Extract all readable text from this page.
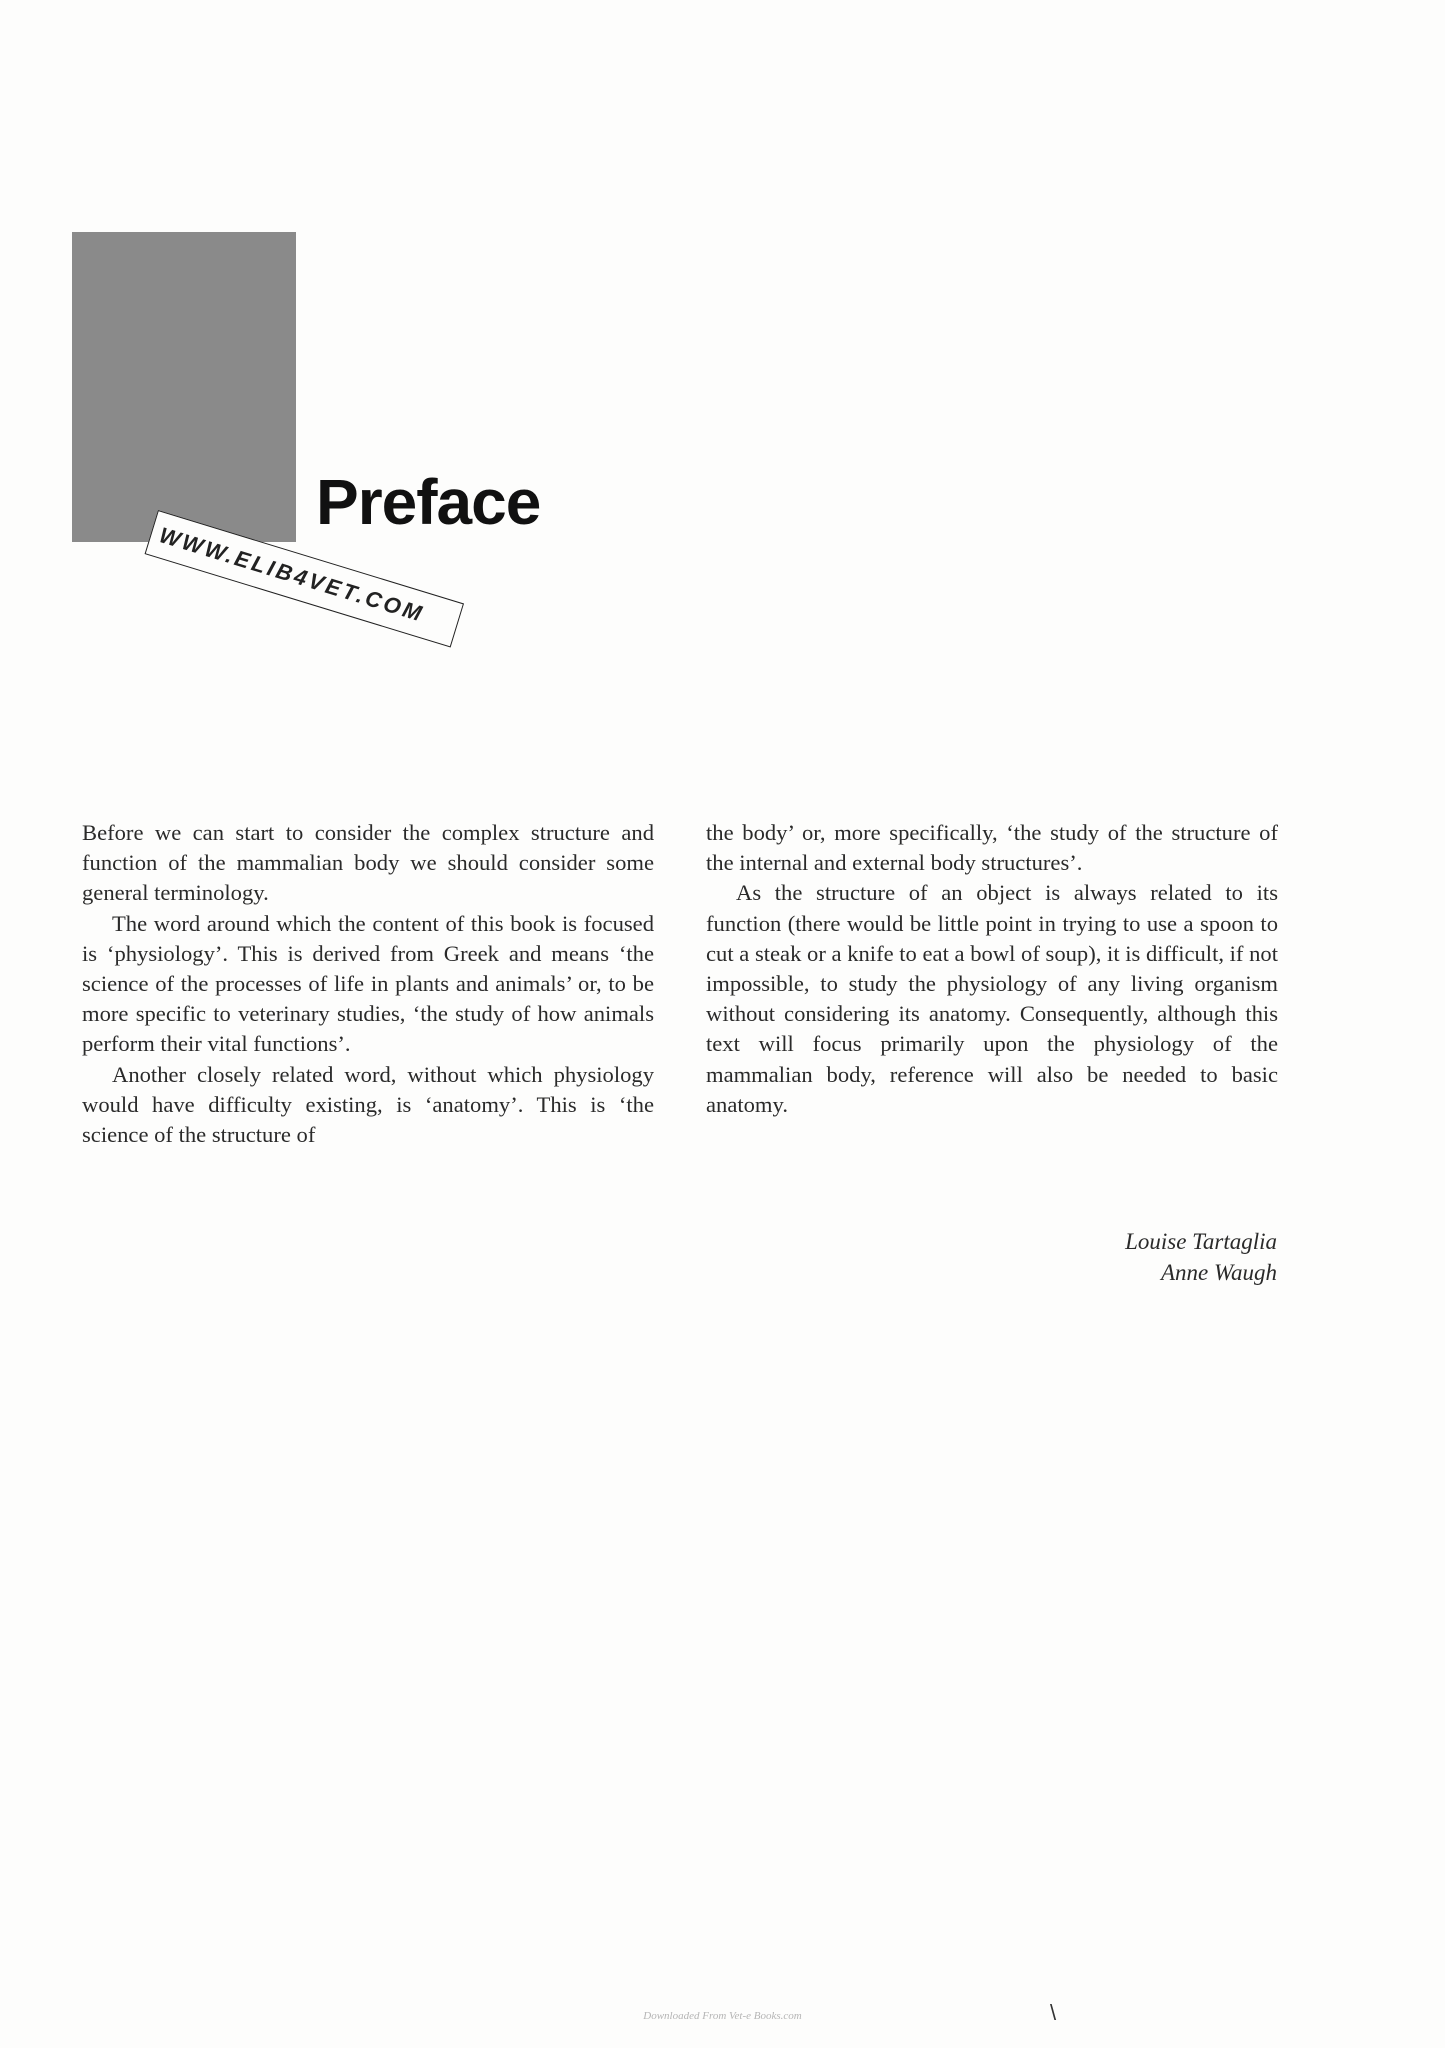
Preface
WWW.ELIB4VET.COM

Before we can start to consider the complex structure and function of the mammalian body we should consider some general terminology.

The word around which the content of this book is focused is ‘physiology’. This is derived from Greek and means ‘the science of the processes of life in plants and animals’ or, to be more specific to veterinary studies, ‘the study of how animals perform their vital functions’.

Another closely related word, without which physiology would have difficulty existing, is ‘anatomy’. This is ‘the science of the structure of

the body’ or, more specifically, ‘the study of the structure of the internal and external body structures’.

As the structure of an object is always related to its function (there would be little point in trying to use a spoon to cut a steak or a knife to eat a bowl of soup), it is difficult, if not impossible, to study the physiology of any living organism without considering its anatomy. Consequently, although this text will focus primarily upon the physiology of the mammalian body, reference will also be needed to basic anatomy.

Louise Tartaglia
Anne Waugh
Downloaded From Vet-e Books.com	\
